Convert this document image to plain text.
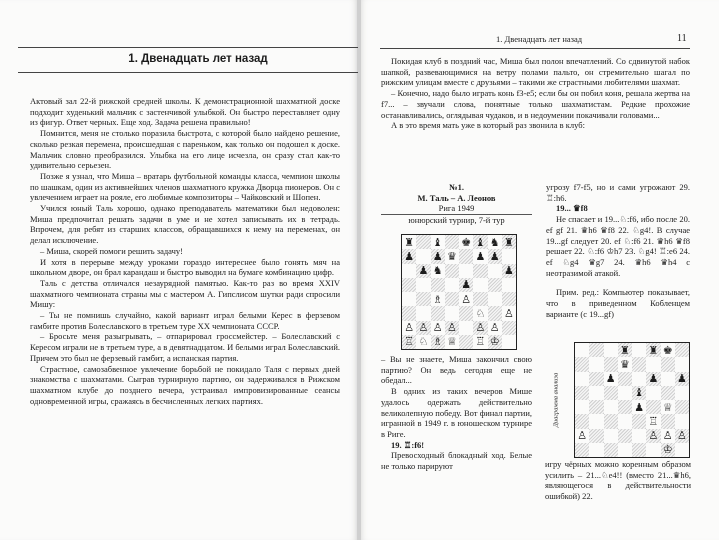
1. Двенадцать лет назад

Актовый зал 22-й рижской средней школы. К демонстрационной шахматной доске подходит худенький мальчик с застенчивой улыбкой. Он быстро переставляет одну из фигур. Ответ черных. Еще ход. Задача решена правильно!

Помнится, меня не столько поразила быстрота, с которой было найдено решение, сколько резкая перемена, происшедшая с пареньком, как только он подошел к доске. Мальчик словно преобразился. Улыбка на его лице исчезла, он сразу стал как-то удивительно серьезен.

Позже я узнал, что Миша – вратарь футбольной команды класса, чемпион школы по шашкам, один из активнейших членов шахматного кружка Дворца пионеров. Он с увлечением играет на рояле, его любимые композиторы – Чайковский и Шопен.

Учился юный Таль хорошо, однако преподаватель математики был недоволен: Миша предпочитал решать задачи в уме и не хотел записывать их в тетрадь. Впрочем, для ребят из старших классов, обращавшихся к нему на переменах, он делал исключение.

– Миша, скорей помоги решить задачу!

И хотя в перерыве между уроками гораздо интереснее было гонять мяч на школьном дворе, он брал карандаш и быстро выводил на бумаге комбинацию цифр.

Таль с детства отличался незаурядной памятью. Как-то раз во время XXIV шахматного чемпионата страны мы с мастером А. Гипслисом шутки ради спросили Мишу:

– Ты не помнишь случайно, какой вариант играл белыми Керес в ферзевом гамбите против Болеславского в третьем туре XX чемпионата СССР.

– Бросьте меня разыгрывать, – отпарировал гроссмейстер. – Болеславский с Кересом играли не в третьем туре, а в девятнадцатом. И белыми играл Болеславский. Причем это был не ферзевый гамбит, а испанская партия.

Страстное, самозабвенное увлечение борьбой не покидало Таля с первых дней знакомства с шахматами. Сыграв турнирную партию, он задерживался в Рижском шахматном клубе до позднего вечера, устраивал импровизированные сеансы одновременной игры, сражаясь в бесчисленных легких партиях.

1. Двенадцать лет назад	11

Покидая клуб в поздний час, Миша был полон впечатлений. Со сдвинутой набок шапкой, развевающимися на ветру полами пальто, он стремительно шагал по рижским улицам вместе с друзьями – такими же страстными любителями шахмат.

– Конечно, надо было играть конь f3-e5; если бы он побил коня, решала жертва на f7... – звучали слова, понятные только шахматистам. Редкие прохожие останавливались, оглядывая чудаков, и в недоумении покачивали головами...

А в это время мать уже в который раз звонила в клуб:

№1.
М. Таль – А. Леонов
Рига 1949
юнюрский турнир, 7-й тур
♜ ♝ ♚ ♝ ♞ ♜
♟ ♟ ♛ ♟ ♟
♟ ♞	♟
♟
♗ ♙
♘ ♙
♙ ♙ ♙ ♙ ♙ ♙
♖ ♘ ♗ ♕ ♖ ♔

– Вы не знаете, Миша закончил свою партию? Он ведь сегодня еще не обедал...

В одних из таких вечеров Мише удалось одержать действительно великолепную победу. Вот финал партии, игранной в 1949 г. в юношеском турнире в Риге.

19. ♖:f6!

Превосходный блокадный ход. Белые не только парируют

угрозу f7-f5, но и сами угрожают 29. ♖:h6.

19... ♛f8

Не спасает и 19...♘:f6, ибо после 20. ef gf 21. ♛h6 ♛f8 22. ♘g4!. В случае 19...gf следует 20. ef ♘:f6 21. ♛h6 ♛f8 решает 22. ♘:f6 ♔h7 23. ♘g4! ♖:e6 24. ef ♘g4 ♛g7 24. ♛h6 ♛h4 с неотразимой атакой.

Прим. ред.: Компьютер показывает, что в приведенном Кобленцем варианте (с 19...gf)

Диаграмма анализа
♜ ♜ ♚
♛
♟	♟ ♟
♝
♟ ♕
♖
♙	♙ ♙ ♙
♔

игру чёрных можно коренным образом усилить – 21...♘e4!! (вместо 21...♛h6, являющегося в действительности ошибкой) 22.
